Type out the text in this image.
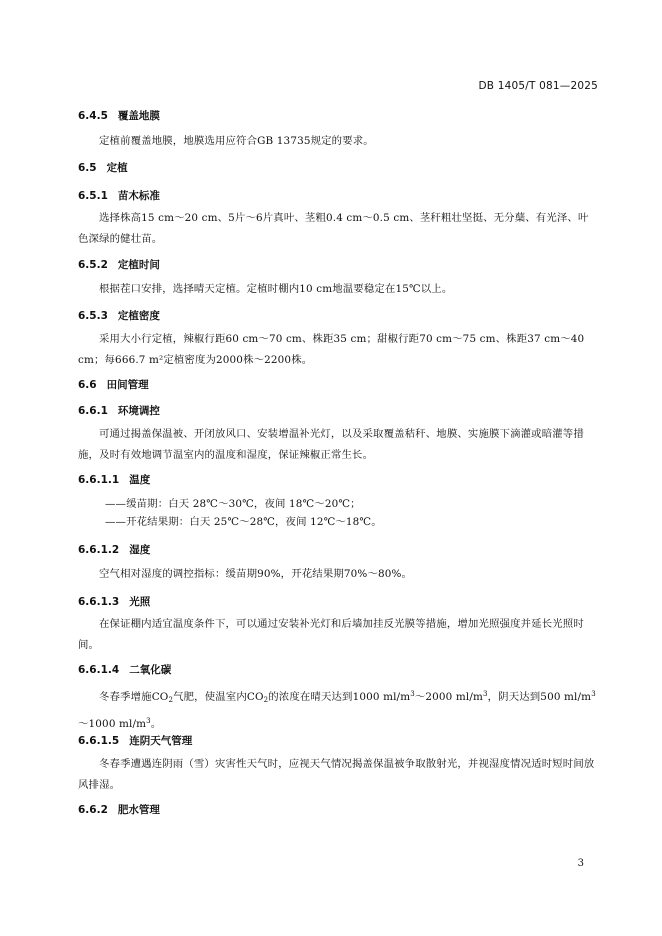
DB 1405/T 081—2025
6.4.5 覆盖地膜
定植前覆盖地膜，地膜选用应符合GB 13735规定的要求。
6.5 定植
6.5.1 苗木标准
选择株高15 cm～20 cm、5片～6片真叶、茎粗0.4 cm～0.5 cm、茎秆粗壮坚挺、无分蘖、有光泽、叶色深绿的健壮苗。
6.5.2 定植时间
根据茬口安排，选择晴天定植。定植时棚内10 cm地温要稳定在15℃以上。
6.5.3 定植密度
采用大小行定植，辣椒行距60 cm～70 cm、株距35 cm；甜椒行距70 cm～75 cm、株距37 cm～40 cm；每666.7 m²定植密度为2000株～2200株。
6.6 田间管理
6.6.1 环境调控
可通过揭盖保温被、开闭放风口、安装增温补光灯，以及采取覆盖秸秆、地膜、实施膜下滴灌或暗灌等措施，及时有效地调节温室内的温度和湿度，保证辣椒正常生长。
6.6.1.1 温度
——缓苗期：白天 28℃～30℃，夜间 18℃～20℃；
——开花结果期：白天 25℃～28℃，夜间 12℃～18℃。
6.6.1.2 湿度
空气相对湿度的调控指标：缓苗期90%，开花结果期70%～80%。
6.6.1.3 光照
在保证棚内适宜温度条件下，可以通过安装补光灯和后墙加挂反光膜等措施，增加光照强度并延长光照时间。
6.6.1.4 二氧化碳
冬春季增施$CO_2$气肥，使温室内$CO_2$的浓度在晴天达到1000 $ml/m^3\sim 2000$ $ml/m^3$，阴天达到500 $ml/m^3\sim 1000$ $ml/m^3$。
6.6.1.5 连阴天气管理
冬春季遭遇连阴雨（雪）灾害性天气时，应视天气情况揭盖保温被争取散射光，并视湿度情况适时短时间放风排湿。
6.6.2 肥水管理
3
